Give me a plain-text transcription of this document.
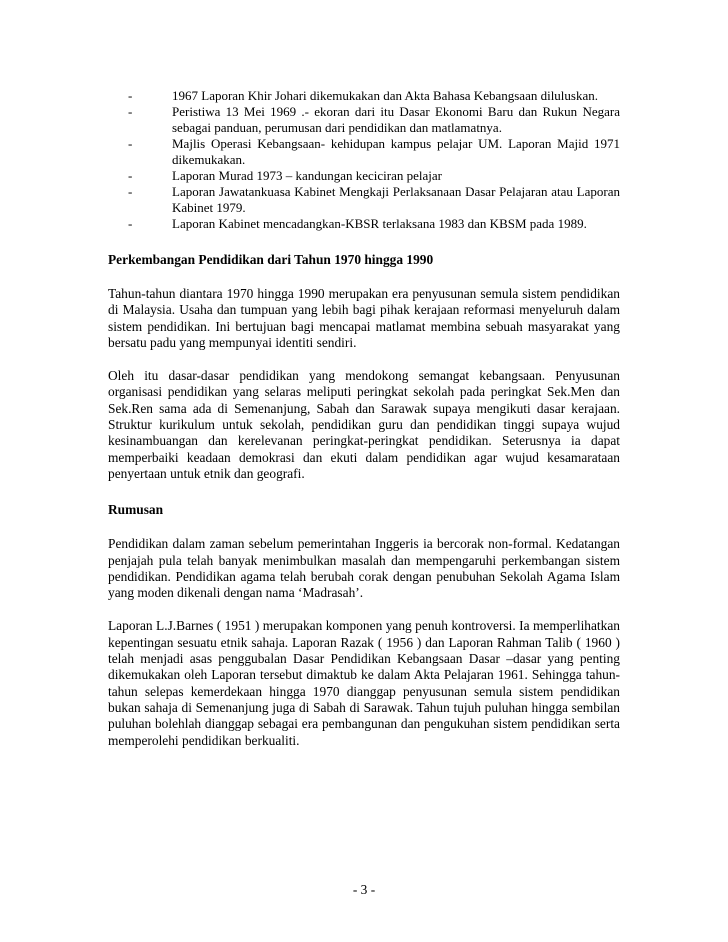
-	1967 Laporan Khir Johari dikemukakan dan Akta Bahasa Kebangsaan diluluskan.
-	Peristiwa 13 Mei 1969 .- ekoran dari itu Dasar Ekonomi Baru dan Rukun Negara sebagai panduan, perumusan dari pendidikan dan matlamatnya.
-	Majlis Operasi Kebangsaan- kehidupan kampus pelajar UM. Laporan Majid 1971 dikemukakan.
-	Laporan Murad 1973 – kandungan keciciran pelajar
-	Laporan Jawatankuasa Kabinet Mengkaji Perlaksanaan Dasar Pelajaran atau Laporan Kabinet 1979.
-	Laporan Kabinet mencadangkan-KBSR terlaksana 1983 dan KBSM pada 1989.
Perkembangan Pendidikan dari Tahun 1970 hingga 1990

Tahun-tahun diantara 1970 hingga 1990 merupakan era penyusunan semula sistem pendidikan di Malaysia. Usaha dan tumpuan yang lebih bagi pihak kerajaan reformasi menyeluruh dalam sistem pendidikan. Ini bertujuan bagi mencapai matlamat membina sebuah masyarakat yang bersatu padu yang mempunyai identiti sendiri.

Oleh itu dasar-dasar pendidikan yang mendokong semangat kebangsaan. Penyusunan organisasi pendidikan yang selaras meliputi peringkat sekolah pada peringkat Sek.Men dan Sek.Ren sama ada di Semenanjung, Sabah dan Sarawak supaya mengikuti dasar kerajaan. Struktur kurikulum untuk sekolah, pendidikan guru dan pendidikan tinggi supaya wujud kesinambuangan dan kerelevanan peringkat-peringkat pendidikan. Seterusnya ia dapat memperbaiki keadaan demokrasi dan ekuti dalam pendidikan agar wujud kesamarataan penyertaan untuk etnik dan geografi.

Rumusan

Pendidikan dalam zaman sebelum pemerintahan Inggeris ia bercorak non-formal. Kedatangan penjajah pula telah banyak menimbulkan masalah dan mempengaruhi perkembangan sistem pendidikan. Pendidikan agama telah berubah corak dengan penubuhan Sekolah Agama Islam yang moden dikenali dengan nama ‘Madrasah’.

Laporan L.J.Barnes ( 1951 ) merupakan komponen yang penuh kontroversi. Ia memperlihatkan kepentingan sesuatu etnik sahaja. Laporan Razak ( 1956 ) dan Laporan Rahman Talib ( 1960 ) telah menjadi asas penggubalan Dasar Pendidikan Kebangsaan Dasar –dasar yang penting dikemukakan oleh Laporan tersebut dimaktub ke dalam Akta Pelajaran 1961. Sehingga tahun-tahun selepas kemerdekaan hingga 1970 dianggap penyusunan semula sistem pendidikan bukan sahaja di Semenanjung juga di Sabah di Sarawak. Tahun tujuh puluhan hingga sembilan puluhan bolehlah dianggap sebagai era pembangunan dan pengukuhan sistem pendidikan serta memperolehi pendidikan berkualiti.

- 3 -
